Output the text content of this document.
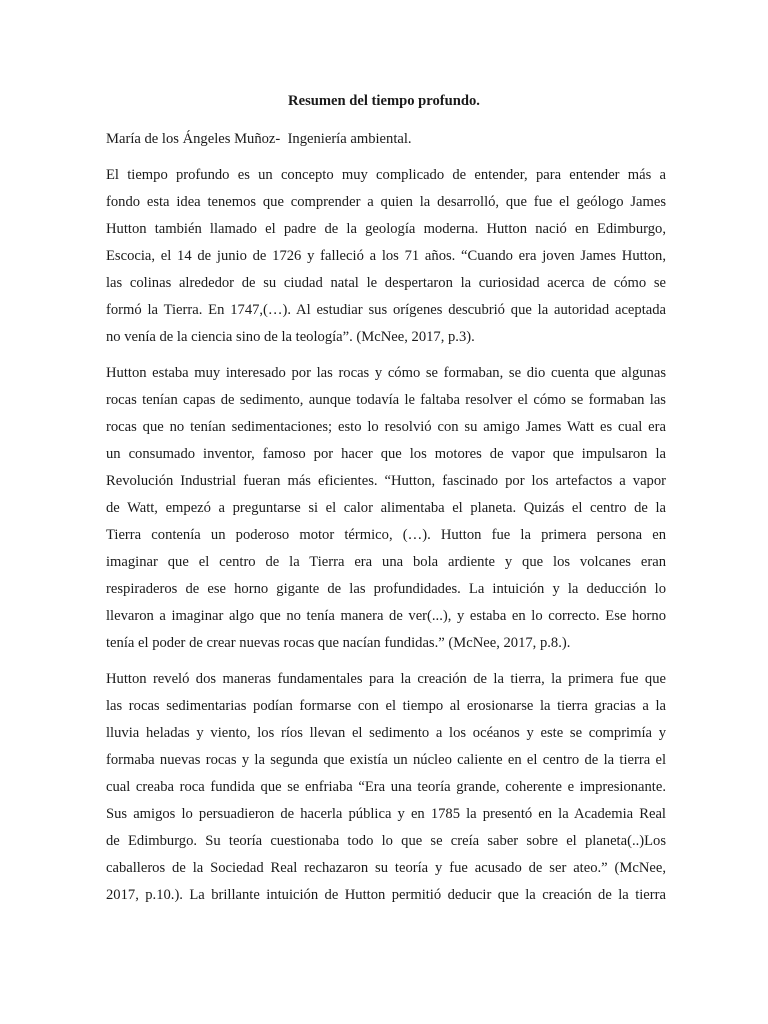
Resumen del tiempo profundo.
María de los Ángeles Muñoz-  Ingeniería ambiental.
El tiempo profundo es un concepto muy complicado de entender, para entender más a
fondo esta idea tenemos que comprender a quien la desarrolló, que fue el geólogo James
Hutton también llamado el padre de la geología moderna. Hutton nació en Edimburgo,
Escocia, el 14 de junio de 1726 y falleció a los 71 años. “Cuando era joven James Hutton,
las colinas alrededor de su ciudad natal le despertaron la curiosidad acerca de cómo se
formó la Tierra. En 1747,(…). Al estudiar sus orígenes descubrió que la autoridad aceptada
no venía de la ciencia sino de la teología”. (McNee, 2017, p.3).
Hutton estaba muy interesado por las rocas y cómo se formaban, se dio cuenta que algunas
rocas tenían capas de sedimento, aunque todavía le faltaba resolver el cómo se formaban las
rocas que no tenían sedimentaciones; esto lo resolvió con su amigo James Watt es cual era
un consumado inventor, famoso por hacer que los motores de vapor que impulsaron la
Revolución Industrial fueran más eficientes. “Hutton, fascinado por los artefactos a vapor
de Watt, empezó a preguntarse si el calor alimentaba el planeta. Quizás el centro de la
Tierra contenía un poderoso motor térmico, (…). Hutton fue la primera persona en
imaginar que el centro de la Tierra era una bola ardiente y que los volcanes eran
respiraderos de ese horno gigante de las profundidades. La intuición y la deducción lo
llevaron a imaginar algo que no tenía manera de ver(...), y estaba en lo correcto. Ese horno
tenía el poder de crear nuevas rocas que nacían fundidas.” (McNee, 2017, p.8.).
Hutton reveló dos maneras fundamentales para la creación de la tierra, la primera fue que
las rocas sedimentarias podían formarse con el tiempo al erosionarse la tierra gracias a la
lluvia heladas y viento, los ríos llevan el sedimento a los océanos y este se comprimía y
formaba nuevas rocas y la segunda que existía un núcleo caliente en el centro de la tierra el
cual creaba roca fundida que se enfriaba “Era una teoría grande, coherente e impresionante.
Sus amigos lo persuadieron de hacerla pública y en 1785 la presentó en la Academia Real
de Edimburgo. Su teoría cuestionaba todo lo que se creía saber sobre el planeta(..)Los
caballeros de la Sociedad Real rechazaron su teoría y fue acusado de ser ateo.” (McNee,
2017, p.10.). La brillante intuición de Hutton permitió deducir que la creación de la tierra
